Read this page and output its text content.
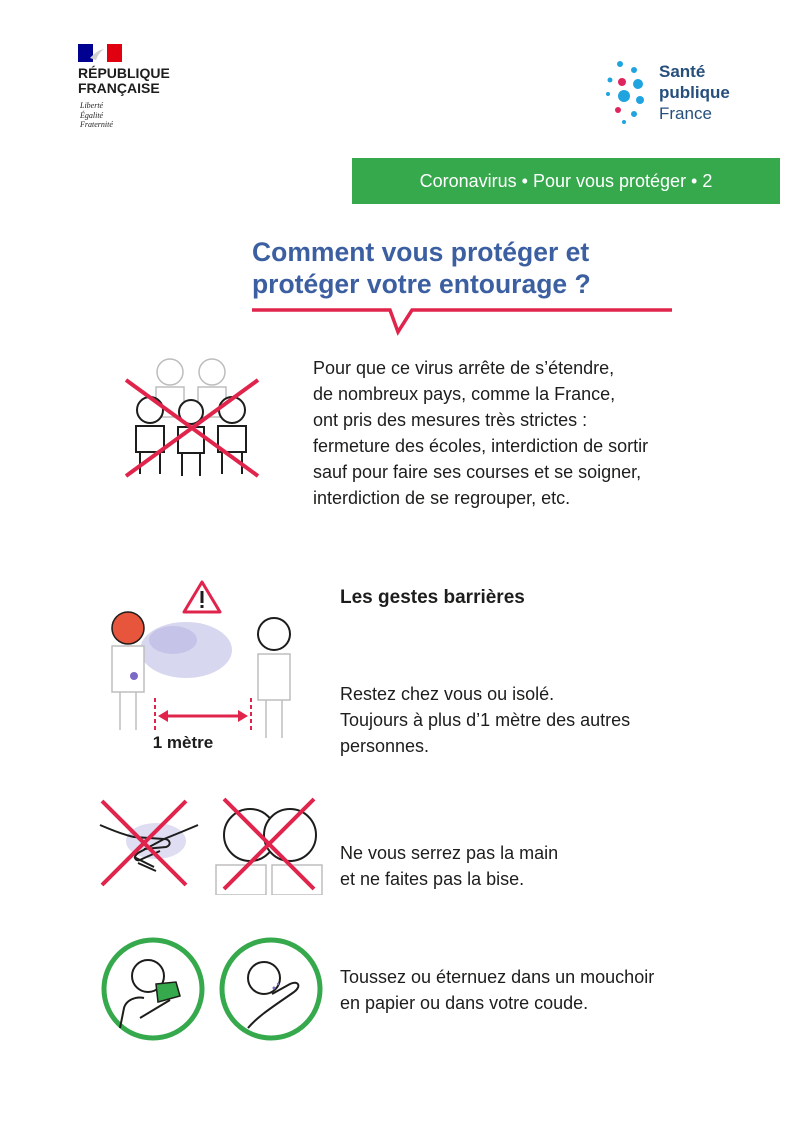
RÉPUBLIQUE
FRANÇAISE
Liberté
Égalité
Fraternité
Santé
publique
France
Coronavirus • Pour vous protéger • 2
Comment vous protéger et
protéger votre entourage ?
Pour que ce virus arrête de s’étendre,
de nombreux pays, comme la France,
ont pris des mesures très strictes :
fermeture des écoles, interdiction de sortir
sauf pour faire ses courses et se soigner,
interdiction de se regrouper, etc.
Les gestes barrières
1 mètre
Restez chez vous ou isolé.
Toujours à plus d’1 mètre des autres
personnes.
Ne vous serrez pas la main
et ne faites pas la bise.
Toussez ou éternuez dans un mouchoir
en papier ou dans votre coude.
